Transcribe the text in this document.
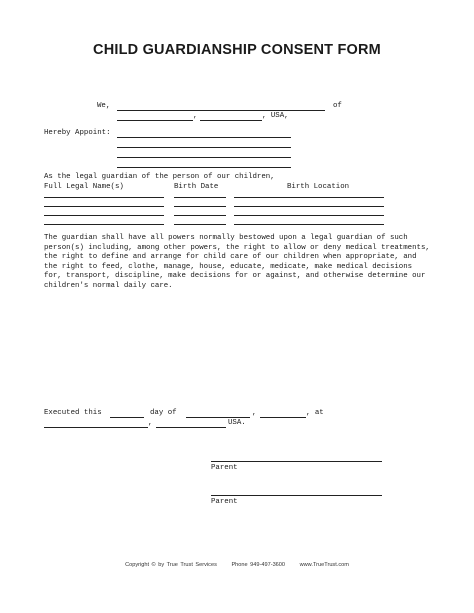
CHILD GUARDIANSHIP CONSENT FORM
We,	of
,	, USA,
Hereby Appoint:
As the legal guardian of the person of our children,
Full Legal Name(s)	Birth Date	Birth Location
The guardian shall have all powers normally bestowed upon a legal guardian of such person(s) including, among other powers, the right to allow or deny medical treatments, the right to define and arrange for child care of our children when appropriate, and the right to feed, clothe, manage, house, educate, medicate, make medical decisions for, transport, discipline, make decisions for or against, and otherwise determine our children's normal daily care.
Executed this	day of	,	, at
,	USA.
Parent
Parent
Copyright © by True Trust Services	Phone 949-497-3600	www.TrueTrust.com
